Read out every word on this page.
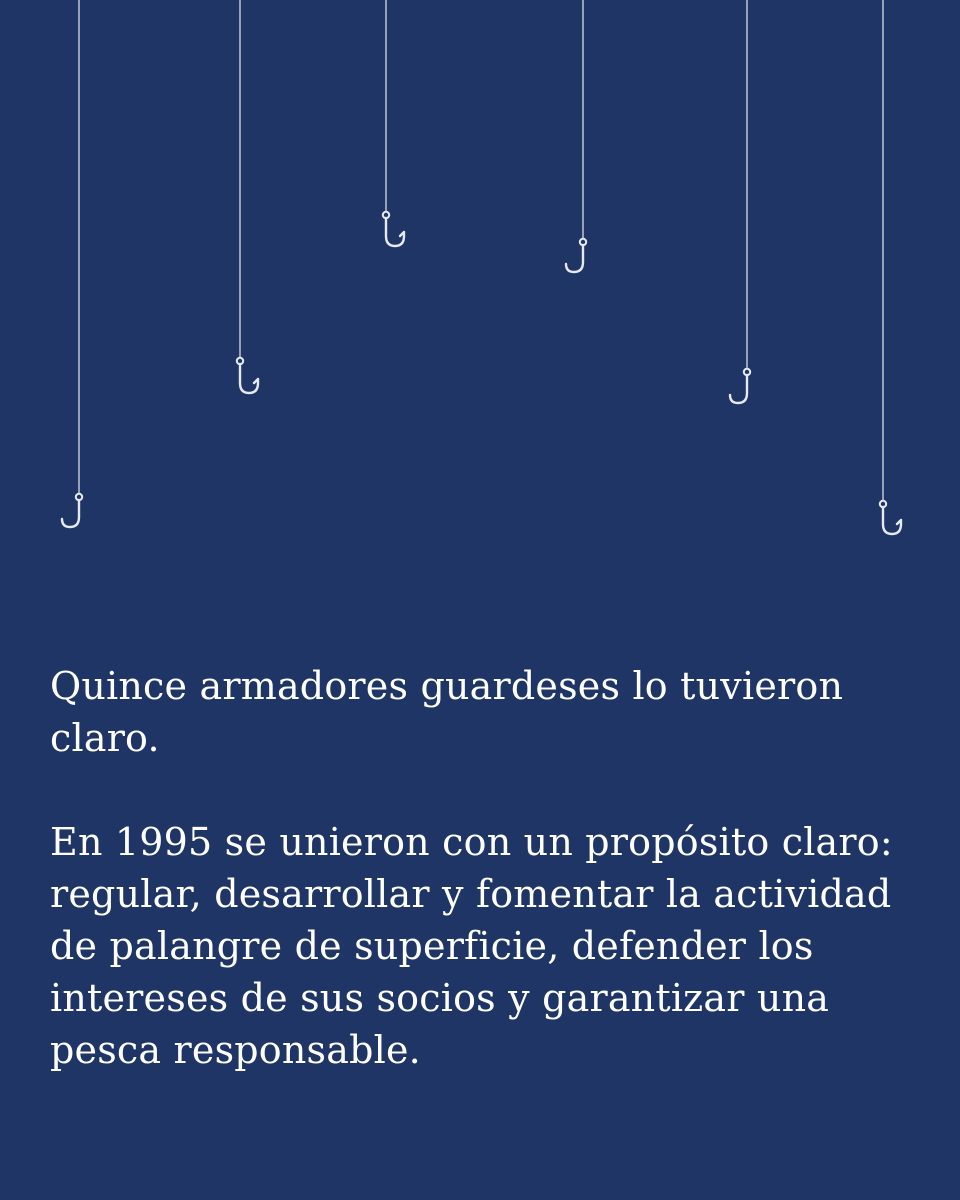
Quince armadores guardeses lo tuvieron claro.

En 1995 se unieron con un propósito claro: regular, desarrollar y fomentar la actividad de palangre de superficie, defender los intereses de sus socios y garantizar una pesca responsable.
